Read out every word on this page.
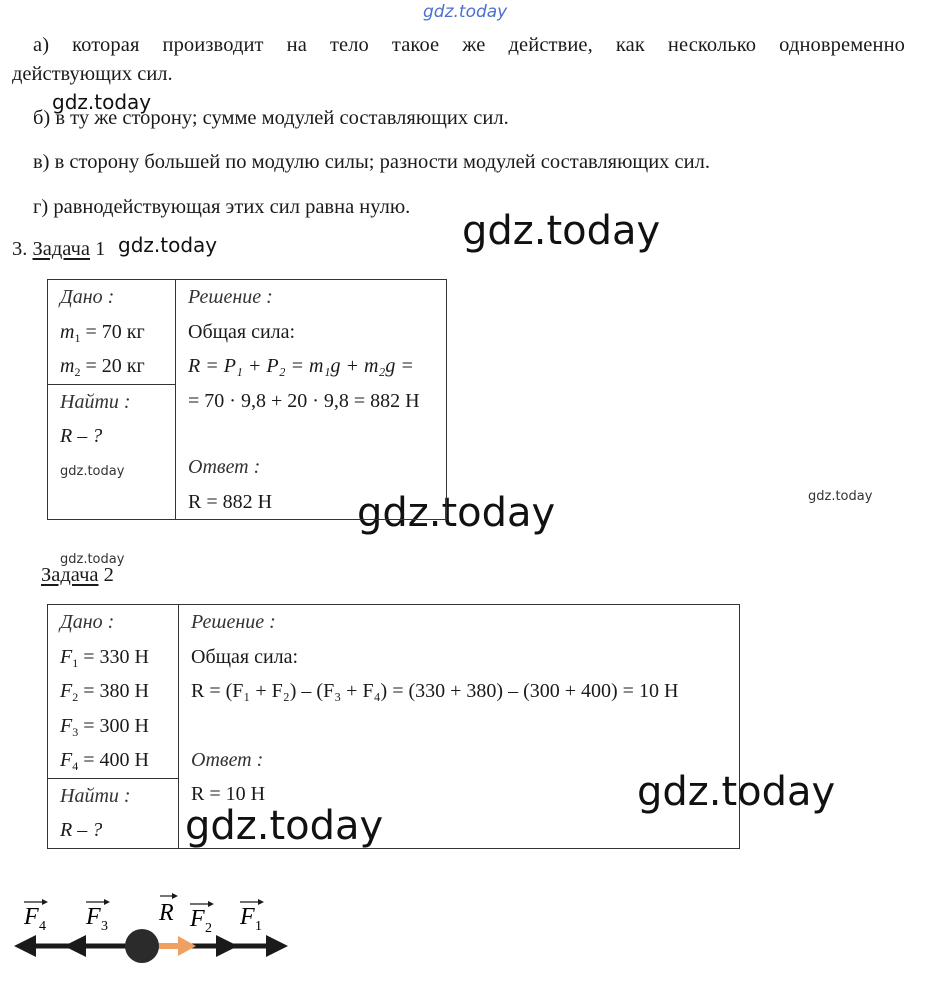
gdz.today
gdz.today
gdz.today
gdz.today
gdz.today
gdz.today
gdz.today
gdz.today
gdz.today
gdz.today
а) которая производит на тело такое же действие, как несколько одновременно
действующих сил.
б) в ту же сторону; сумме модулей составляющих сил.
в) в сторону большей по модулю силы; разности модулей составляющих сил.
г) равнодействующая этих сил равна нулю.
3. Задача 1
Дано :
$m_1 = 70$ кг
$m_2 = 20$ кг

Решение :
Общая сила:
R = P₁ + P₂ = m₁g + m₂g =
= 70 · 9,8 + 20 · 9,8 = 882 Н
Ответ :
R = 882 Н

Найти :
R – ?
Задача 2
Дано :
$F_1 = 330$ Н
$F_2 = 380$ Н
$F_3 = 300$ Н
$F_4 = 400$ Н

Решение :
Общая сила:
R = (F₁ + F₂) – (F₃ + F₄) = (330 + 380) – (300 + 400) = 10 Н
Ответ :
R = 10 Н

Найти :
R – ?
F 4 F 3
R F 2 F 1
